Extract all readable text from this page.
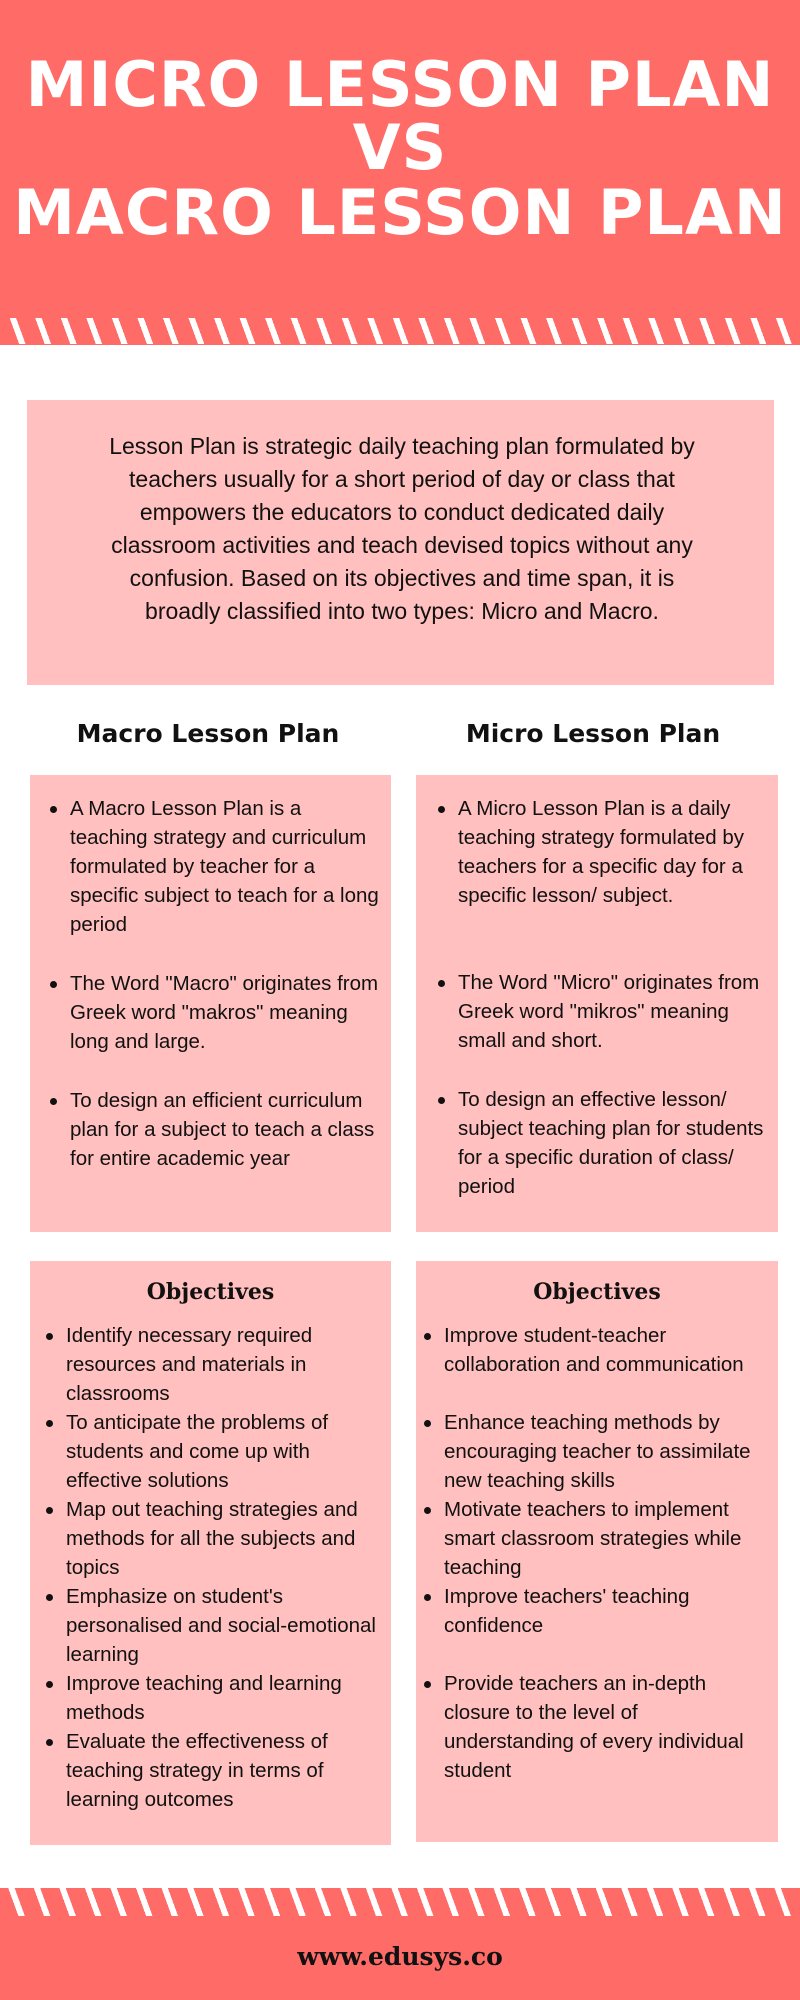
MICRO LESSON PLAN
VS
MACRO LESSON PLAN
Lesson Plan is strategic daily teaching plan formulated by teachers usually for a short period of day or class that empowers the educators to conduct dedicated daily classroom activities and teach devised topics without any confusion. Based on its objectives and time span, it is broadly classified into two types: Micro and Macro.
Macro Lesson Plan	Micro Lesson Plan
A Macro Lesson Plan is a teaching strategy and curriculum formulated by teacher for a specific subject to teach for a long period
The Word "Macro" originates from Greek word "makros" meaning long and large.
To design an efficient curriculum plan for a subject to teach a class for entire academic year
A Micro Lesson Plan is a daily teaching strategy formulated by teachers for a specific day for a specific lesson/ subject.
The Word "Micro" originates from Greek word "mikros" meaning small and short.
To design an effective lesson/ subject teaching plan for students for a specific duration of class/ period
Objectives
Identify necessary required resources and materials in classrooms
To anticipate the problems of students and come up with effective solutions
Map out teaching strategies and methods for all the subjects and topics
Emphasize on student's personalised and social-emotional learning
Improve teaching and learning methods
Evaluate the effectiveness of teaching strategy in terms of learning outcomes
Objectives
Improve student-teacher collaboration and communication
Enhance teaching methods by encouraging teacher to assimilate new teaching skills
Motivate teachers to implement smart classroom strategies while teaching
Improve teachers' teaching confidence
Provide teachers an in-depth closure to the level of understanding of every individual student
www.edusys.co
